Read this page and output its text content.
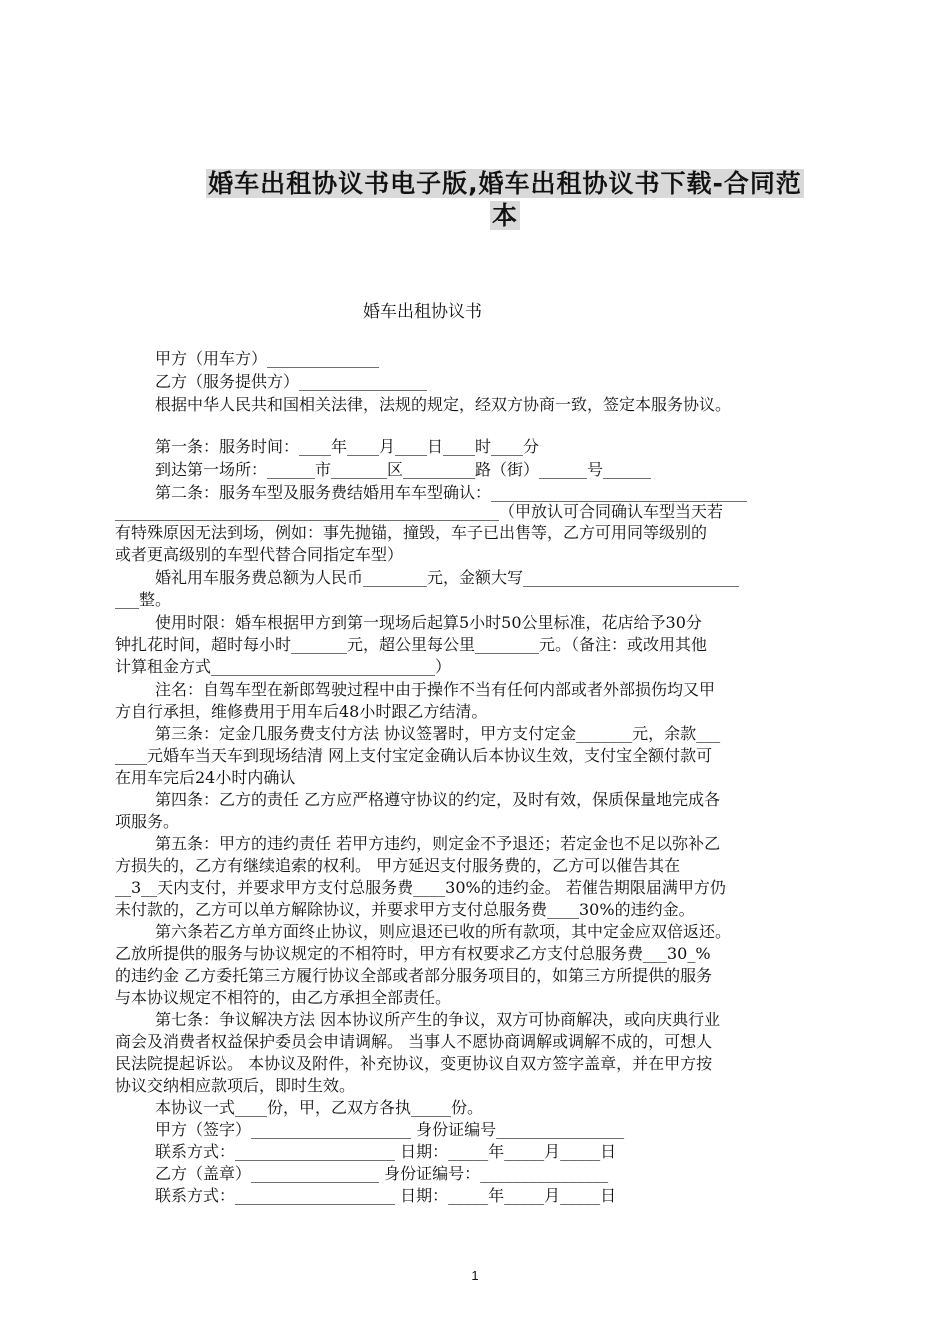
婚车出租协议书电子版,婚车出租协议书下载-合同范
本
婚车出租协议书
甲方（用车方）______________
乙方（服务提供方）________________
根据中华人民共和国相关法律，法规的规定，经双方协商一致，签定本服务协议。
第一条：服务时间：____年____月____日____时____分
到达第一场所：______市_______区_________路（街）______号______
第二条：服务车型及服务费结婚用车车型确认：________________________________
________________________________________________（甲放认可合同确认车型当天若
有特殊原因无法到场，例如：事先抛锚，撞毁，车子已出售等，乙方可用同等级别的
或者更高级别的车型代替合同指定车型）
婚礼用车服务费总额为人民币________元，金额大写___________________________
___整。
使用时限：婚车根据甲方到第一现场后起算5小时50公里标准，花店给予30分
钟扎花时间，超时每小时_______元，超公里每公里________元。（备注：或改用其他
计算租金方式____________________________）
注名：自驾车型在新郎驾驶过程中由于操作不当有任何内部或者外部损伤均又甲
方自行承担，维修费用于用车后48小时跟乙方结清。
第三条：定金几服务费支付方法 协议签署时，甲方支付定金_______元，余款___
____元婚车当天车到现场结清 网上支付宝定金确认后本协议生效，支付宝全额付款可
在用车完后24小时内确认
第四条：乙方的责任 乙方应严格遵守协议的约定，及时有效，保质保量地完成各
项服务。
第五条：甲方的违约责任 若甲方违约，则定金不予退还；若定金也不足以弥补乙
方损失的，乙方有继续追索的权利。 甲方延迟支付服务费的，乙方可以催告其在
__3__天内支付，并要求甲方支付总服务费____30%的违约金。 若催告期限届满甲方仍
未付款的，乙方可以单方解除协议，并要求甲方支付总服务费____30%的违约金。
第六条若乙方单方面终止协议，则应退还已收的所有款项，其中定金应双倍返还。
乙放所提供的服务与协议规定的不相符时，甲方有权要求乙方支付总服务费___30_%
的违约金 乙方委托第三方履行协议全部或者部分服务项目的，如第三方所提供的服务
与本协议规定不相符的，由乙方承担全部责任。
第七条：争议解决方法 因本协议所产生的争议，双方可协商解决，或向庆典行业
商会及消费者权益保护委员会申请调解。 当事人不愿协商调解或调解不成的，可想人
民法院提起诉讼。 本协议及附件，补充协议，变更协议自双方签字盖章，并在甲方按
协议交纳相应款项后，即时生效。
本协议一式____份，甲，乙双方各执_____份。
甲方（签字）____________________ 身份证编号________________
联系方式：____________________ 日期：_____年_____月_____日
乙方（盖章）________________ 身份证编号：________________
联系方式：____________________ 日期：_____年_____月_____日
1
